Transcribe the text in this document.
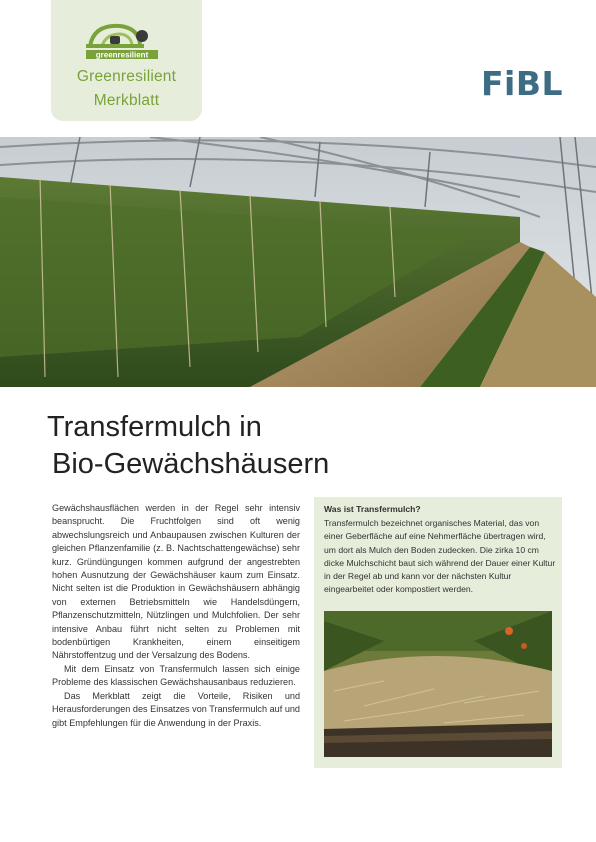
greenresilient
Greenresilient
Merkblatt	FiBL
Transfermulch in
Bio-Gewächshäusern

Gewächshausflächen werden in der Regel sehr intensiv beansprucht. Die Fruchtfolgen sind oft wenig abwechslungsreich und Anbaupausen zwischen Kulturen der gleichen Pflanzenfamilie (z. B. Nachtschattengewächse) sehr kurz. Gründüngungen kommen aufgrund der angestrebten hohen Ausnutzung der Gewächshäuser kaum zum Einsatz. Nicht selten ist die Produktion in Gewächshäusern abhängig von externen Betriebsmitteln wie Handelsdüngern, Pflanzenschutzmitteln, Nützlingen und Mulchfolien. Der sehr intensive Anbau führt nicht selten zu Problemen mit bodenbürtigen Krankheiten, einem einseitigem Nährstoffentzug und der Versalzung des Bodens.

Mit dem Einsatz von Transfermulch lassen sich einige Probleme des klassischen Gewächshausanbaus reduzieren.

Das Merkblatt zeigt die Vorteile, Risiken und Herausforderungen des Einsatzes von Transfermulch auf und gibt Empfehlungen für die Anwendung in der Praxis.

Was ist Transfermulch?
Transfermulch bezeichnet organisches Material, das von einer Geberfläche auf eine Nehmerfläche übertragen wird, um dort als Mulch den Boden zudecken. Die zirka 10 cm dicke Mulchschicht baut sich während der Dauer einer Kultur in der Regel ab und kann vor der nächsten Kultur eingearbeitet oder kompostiert werden.
